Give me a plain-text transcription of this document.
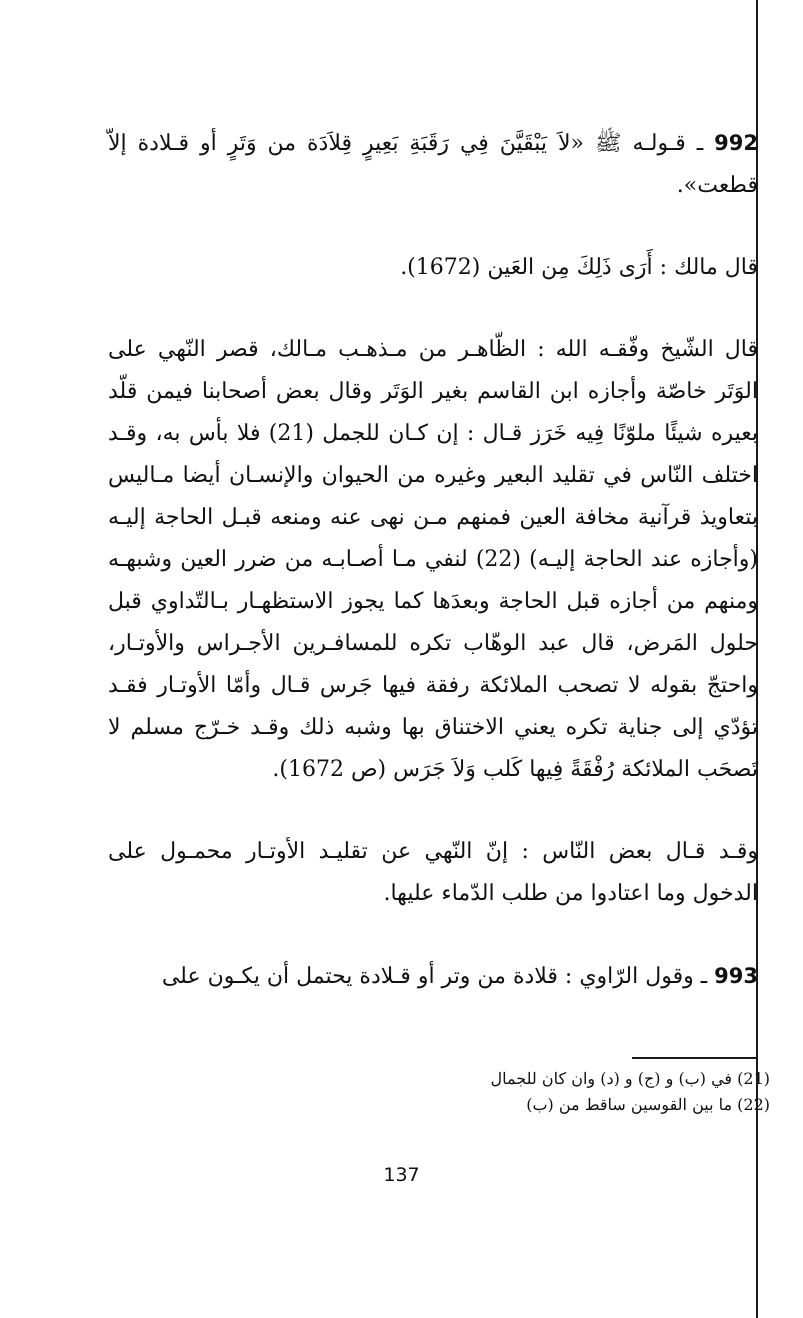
992 ـ قـولـه ﷺ «لاَ يَبْقَيَّنَ فِي رَقَبَةِ بَعِيرٍ قِلاَدَة من وَتَرٍ أو قـلادة إلاّ قطعت».

قال مالك : أَرَى ذَلِكَ مِن العَين (1672).

قال الشّيخ وفّقـه الله : الظّاهـر من مـذهـب مـالك، قصر النّهي على الوَتَر خاصّة وأجازه ابن القاسم بغير الوَتَر وقال بعض أصحابنا فيمن قلّد بعيره شيئًا ملوّنًا فِيه خَرَز قـال : إن كـان للجمل (21) فلا بأس به، وقـد اختلف النّاس في تقليد البعير وغيره من الحيوان والإنسـان أيضا مـاليس بتعاويذ قرآنية مخافة العين فمنهم مـن نهى عنه ومنعه قبـل الحاجة إليـه (وأجازه عند الحاجة إليـه) (22) لنفي مـا أصـابـه من ضرر العين وشبهـه ومنهم من أجازه قبل الحاجة وبعدَها كما يجوز الاستظهـار بـالتّداوي قبل حلول المَرض، قال عبد الوهّاب تكره للمسافـرين الأجـراس والأوتـار، واحتجّ بقوله لا تصحب الملائكة رفقة فيها جَرس قـال وأمّا الأوتـار فقـد تؤدّي إلى جناية تكره يعني الاختناق بها وشبه ذلك وقـد خـرّج مسلم لا تَصحَب الملائكة رُفْقَةً فِيها كَلب وَلاَ جَرَس (ص 1672).

وقـد قـال بعض النّاس : إنّ النّهي عن تقليـد الأوتـار محمـول على الدخول وما اعتادوا من طلب الدّماء عليها.

993 ـ وقول الرّاوي : قلادة من وتر أو قـلادة يحتمل أن يكـون على

(21) في (ب) و (ج) و (د) وان كان للجمال
(22) ما بين القوسين ساقط من (ب)
137
